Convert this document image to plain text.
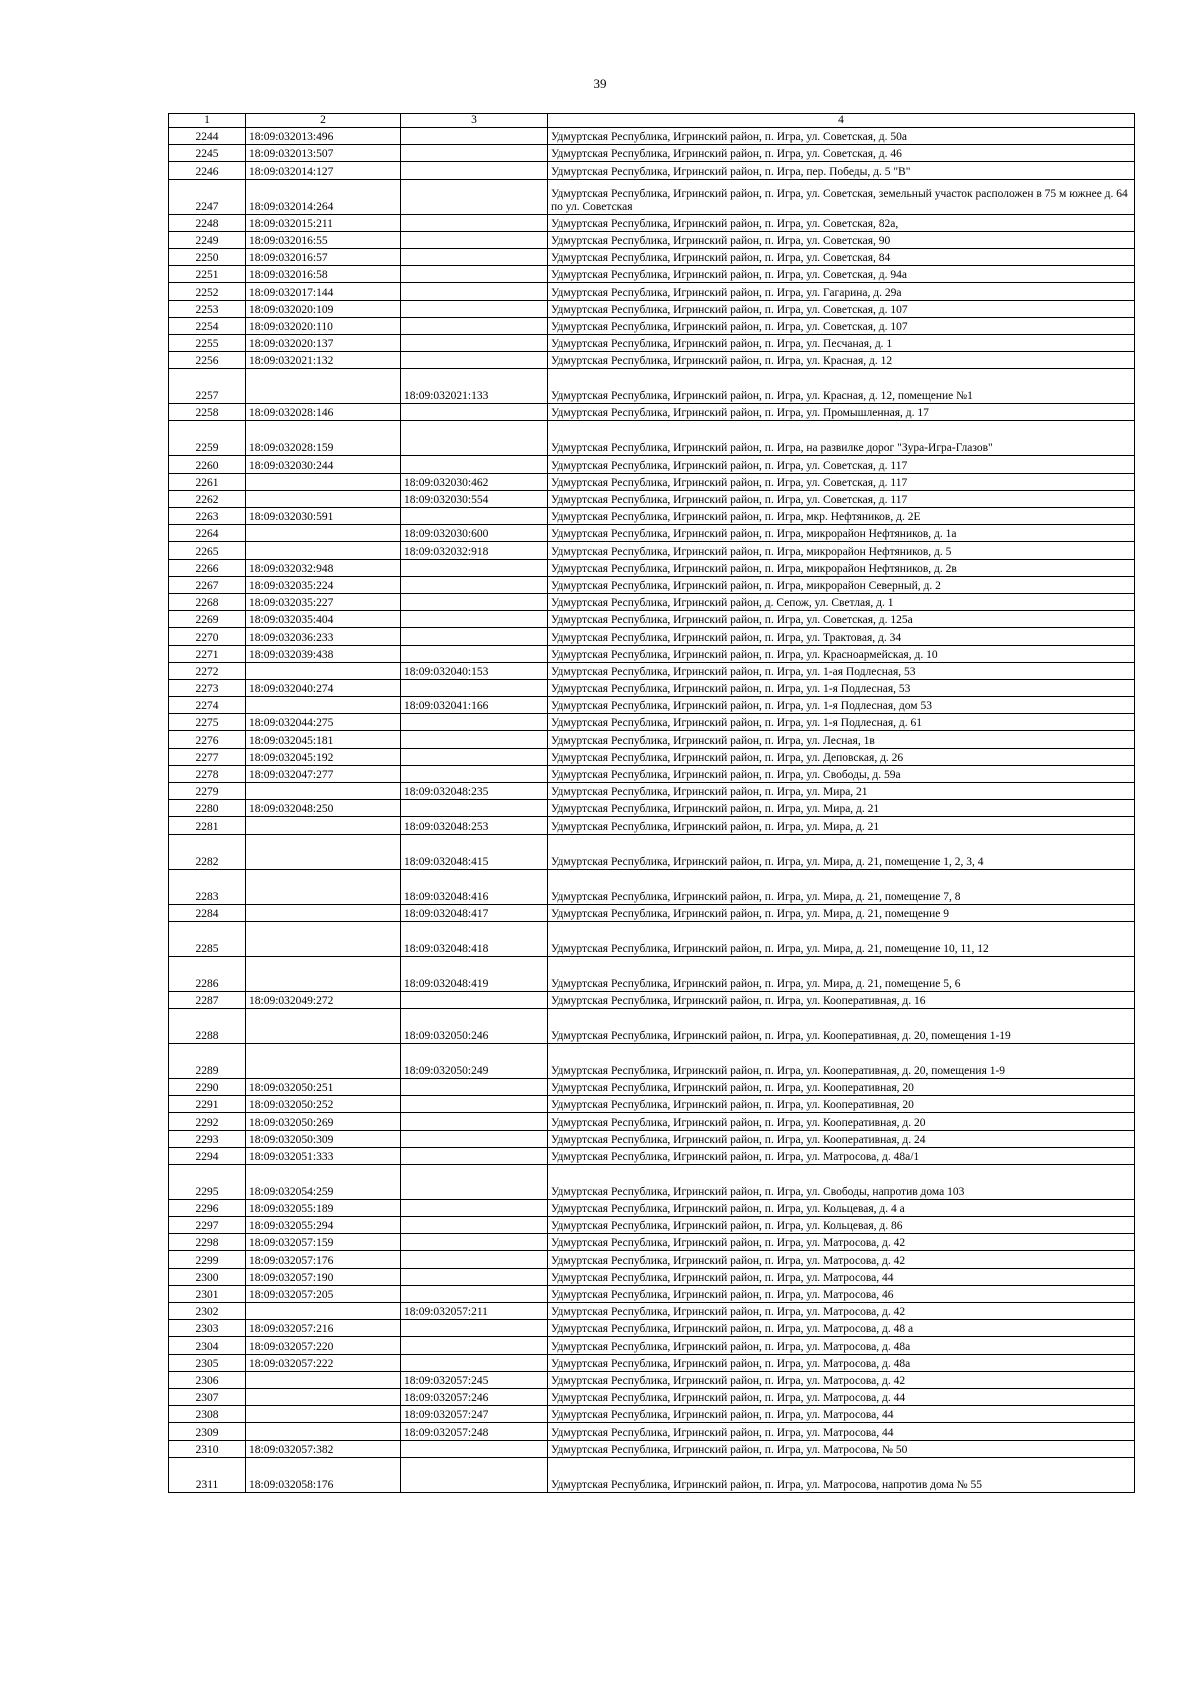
39
1	2	3	4
2244	18:09:032013:496		Удмуртская Республика, Игринский район, п. Игра, ул. Советская, д. 50а
2245	18:09:032013:507		Удмуртская Республика, Игринский район, п. Игра, ул. Советская, д. 46
2246	18:09:032014:127		Удмуртская Республика, Игринский район, п. Игра, пер. Победы, д. 5 "В"
2247	18:09:032014:264		Удмуртская Республика, Игринский район, п. Игра, ул. Советская, земельный участок расположен в 75 м южнее д. 64 по ул. Советская
2248	18:09:032015:211		Удмуртская Республика, Игринский район, п. Игра, ул. Советская, 82а,
2249	18:09:032016:55		Удмуртская Республика, Игринский район, п. Игра, ул. Советская, 90
2250	18:09:032016:57		Удмуртская Республика, Игринский район, п. Игра, ул. Советская, 84
2251	18:09:032016:58		Удмуртская Республика, Игринский район, п. Игра, ул. Советская, д. 94а
2252	18:09:032017:144		Удмуртская Республика, Игринский район, п. Игра, ул. Гагарина, д. 29а
2253	18:09:032020:109		Удмуртская Республика, Игринский район, п. Игра, ул. Советская, д. 107
2254	18:09:032020:110		Удмуртская Республика, Игринский район, п. Игра, ул. Советская, д. 107
2255	18:09:032020:137		Удмуртская Республика, Игринский район, п. Игра, ул. Песчаная, д. 1
2256	18:09:032021:132		Удмуртская Республика, Игринский район, п. Игра, ул. Красная, д. 12
2257		18:09:032021:133	Удмуртская Республика, Игринский район, п. Игра, ул. Красная, д. 12, помещение №1
2258	18:09:032028:146		Удмуртская Республика, Игринский район, п. Игра, ул. Промышленная, д. 17
2259	18:09:032028:159		Удмуртская Республика, Игринский район, п. Игра, на развилке дорог "Зура-Игра-Глазов"
2260	18:09:032030:244		Удмуртская Республика, Игринский район, п. Игра, ул. Советская, д. 117
2261		18:09:032030:462	Удмуртская Республика, Игринский район, п. Игра, ул. Советская, д. 117
2262		18:09:032030:554	Удмуртская Республика, Игринский район, п. Игра, ул. Советская, д. 117
2263	18:09:032030:591		Удмуртская Республика, Игринский район, п. Игра, мкр. Нефтяников, д. 2Е
2264		18:09:032030:600	Удмуртская Республика, Игринский район, п. Игра, микрорайон Нефтяников, д. 1а
2265		18:09:032032:918	Удмуртская Республика, Игринский район, п. Игра, микрорайон Нефтяников, д. 5
2266	18:09:032032:948		Удмуртская Республика, Игринский район, п. Игра, микрорайон Нефтяников, д. 2в
2267	18:09:032035:224		Удмуртская Республика, Игринский район, п. Игра, микрорайон Северный, д. 2
2268	18:09:032035:227		Удмуртская Республика, Игринский район, д. Сепож, ул. Светлая, д. 1
2269	18:09:032035:404		Удмуртская Республика, Игринский район, п. Игра, ул. Советская, д. 125а
2270	18:09:032036:233		Удмуртская Республика, Игринский район, п. Игра, ул. Трактовая, д. 34
2271	18:09:032039:438		Удмуртская Республика, Игринский район, п. Игра, ул. Красноармейская, д. 10
2272		18:09:032040:153	Удмуртская Республика, Игринский район, п. Игра, ул. 1-ая Подлесная, 53
2273	18:09:032040:274		Удмуртская Республика, Игринский район, п. Игра, ул. 1-я Подлесная, 53
2274		18:09:032041:166	Удмуртская Республика, Игринский район, п. Игра, ул. 1-я Подлесная, дом 53
2275	18:09:032044:275		Удмуртская Республика, Игринский район, п. Игра, ул. 1-я Подлесная, д. 61
2276	18:09:032045:181		Удмуртская Республика, Игринский район, п. Игра, ул. Лесная, 1в
2277	18:09:032045:192		Удмуртская Республика, Игринский район, п. Игра, ул. Деповская, д. 26
2278	18:09:032047:277		Удмуртская Республика, Игринский район, п. Игра, ул. Свободы, д. 59а
2279		18:09:032048:235	Удмуртская Республика, Игринский район, п. Игра, ул. Мира, 21
2280	18:09:032048:250		Удмуртская Республика, Игринский район, п. Игра, ул. Мира, д. 21
2281		18:09:032048:253	Удмуртская Республика, Игринский район, п. Игра, ул. Мира, д. 21
2282		18:09:032048:415	Удмуртская Республика, Игринский район, п. Игра, ул. Мира, д. 21, помещение 1, 2, 3, 4
2283		18:09:032048:416	Удмуртская Республика, Игринский район, п. Игра, ул. Мира, д. 21, помещение 7, 8
2284		18:09:032048:417	Удмуртская Республика, Игринский район, п. Игра, ул. Мира, д. 21, помещение 9
2285		18:09:032048:418	Удмуртская Республика, Игринский район, п. Игра, ул. Мира, д. 21, помещение 10, 11, 12
2286		18:09:032048:419	Удмуртская Республика, Игринский район, п. Игра, ул. Мира, д. 21, помещение 5, 6
2287	18:09:032049:272		Удмуртская Республика, Игринский район, п. Игра, ул. Кооперативная, д. 16
2288		18:09:032050:246	Удмуртская Республика, Игринский район, п. Игра, ул. Кооперативная, д. 20, помещения 1-19
2289		18:09:032050:249	Удмуртская Республика, Игринский район, п. Игра, ул. Кооперативная, д. 20, помещения 1-9
2290	18:09:032050:251		Удмуртская Республика, Игринский район, п. Игра, ул. Кооперативная, 20
2291	18:09:032050:252		Удмуртская Республика, Игринский район, п. Игра, ул. Кооперативная, 20
2292	18:09:032050:269		Удмуртская Республика, Игринский район, п. Игра, ул. Кооперативная, д. 20
2293	18:09:032050:309		Удмуртская Республика, Игринский район, п. Игра, ул. Кооперативная, д. 24
2294	18:09:032051:333		Удмуртская Республика, Игринский район, п. Игра, ул. Матросова, д. 48а/1
2295	18:09:032054:259		Удмуртская Республика, Игринский район, п. Игра, ул. Свободы, напротив дома 103
2296	18:09:032055:189		Удмуртская Республика, Игринский район, п. Игра, ул. Кольцевая, д. 4 а
2297	18:09:032055:294		Удмуртская Республика, Игринский район, п. Игра, ул. Кольцевая, д. 86
2298	18:09:032057:159		Удмуртская Республика, Игринский район, п. Игра, ул. Матросова, д. 42
2299	18:09:032057:176		Удмуртская Республика, Игринский район, п. Игра, ул. Матросова, д. 42
2300	18:09:032057:190		Удмуртская Республика, Игринский район, п. Игра, ул. Матросова, 44
2301	18:09:032057:205		Удмуртская Республика, Игринский район, п. Игра, ул. Матросова, 46
2302		18:09:032057:211	Удмуртская Республика, Игринский район, п. Игра, ул. Матросова, д. 42
2303	18:09:032057:216		Удмуртская Республика, Игринский район, п. Игра, ул. Матросова, д. 48 а
2304	18:09:032057:220		Удмуртская Республика, Игринский район, п. Игра, ул. Матросова, д. 48а
2305	18:09:032057:222		Удмуртская Республика, Игринский район, п. Игра, ул. Матросова, д. 48а
2306		18:09:032057:245	Удмуртская Республика, Игринский район, п. Игра, ул. Матросова, д. 42
2307		18:09:032057:246	Удмуртская Республика, Игринский район, п. Игра, ул. Матросова, д. 44
2308		18:09:032057:247	Удмуртская Республика, Игринский район, п. Игра, ул. Матросова, 44
2309		18:09:032057:248	Удмуртская Республика, Игринский район, п. Игра, ул. Матросова, 44
2310	18:09:032057:382		Удмуртская Республика, Игринский район, п. Игра, ул. Матросова, № 50
2311	18:09:032058:176		Удмуртская Республика, Игринский район, п. Игра, ул. Матросова, напротив дома № 55
